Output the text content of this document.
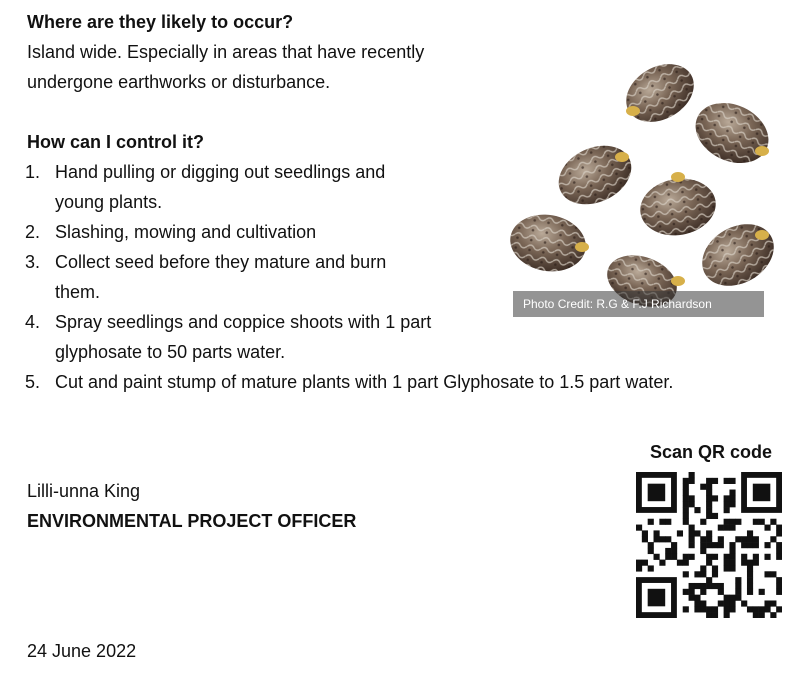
Where are they likely to occur?
Island wide. Especially in areas that have recently
undergone earthworks or disturbance.
How can I control it?
1. Hand pulling or digging out seedlings and
young plants.
2. Slashing, mowing and cultivation
3. Collect seed before they mature and burn
them.
4. Spray seedlings and coppice shoots with 1 part
glyphosate to 50 parts water.
5. Cut and paint stump of mature plants with 1 part Glyphosate to 1.5 part water.
Photo Credit: R.G & F.J Richardson
Lilli-unna King
ENVIRONMENTAL PROJECT OFFICER
Scan QR code
24 June 2022
